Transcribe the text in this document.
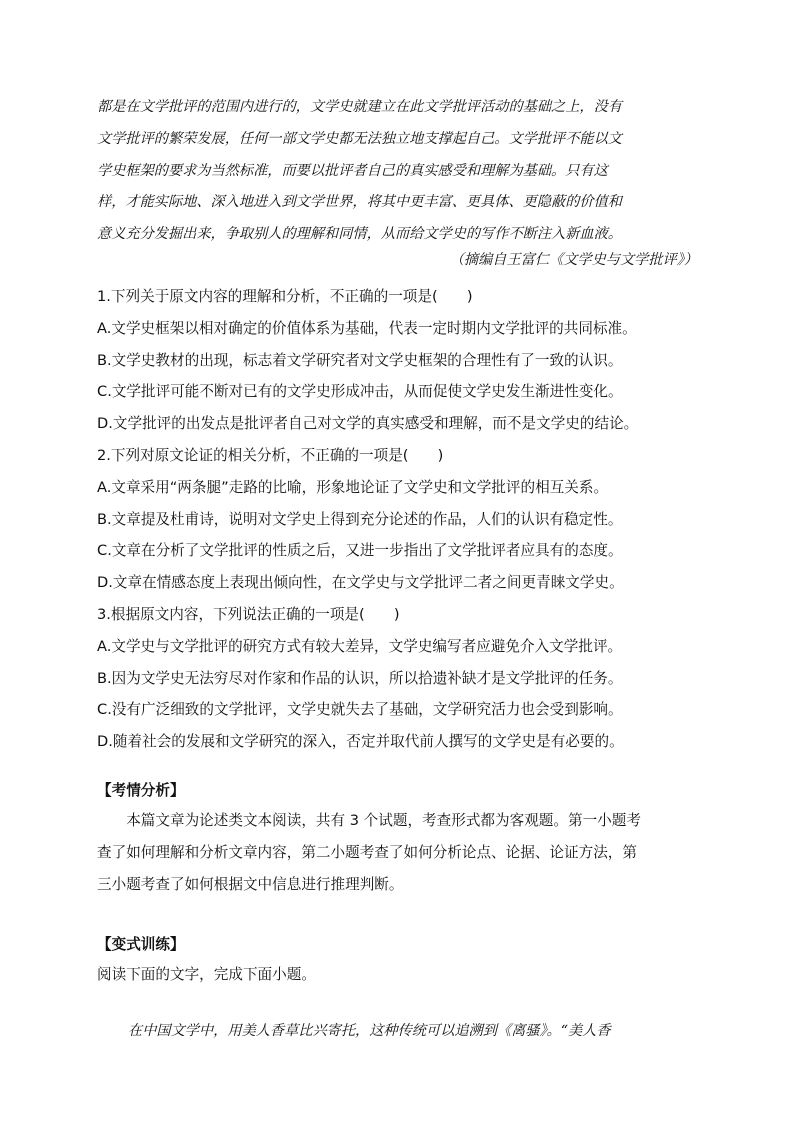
都是在文学批评的范围内进行的，文学史就建立在此文学批评活动的基础之上，没有
文学批评的繁荣发展，任何一部文学史都无法独立地支撑起自己。文学批评不能以文
学史框架的要求为当然标准，而要以批评者自己的真实感受和理解为基础。只有这
样，才能实际地、深入地进入到文学世界，将其中更丰富、更具体、更隐蔽的价值和
意义充分发掘出来，争取别人的理解和同情，从而给文学史的写作不断注入新血液。
（摘编自王富仁《文学史与文学批评》）
1.下列关于原文内容的理解和分析，不正确的一项是(　　)
A.文学史框架以相对确定的价值体系为基础，代表一定时期内文学批评的共同标准。
B.文学史教材的出现，标志着文学研究者对文学史框架的合理性有了一致的认识。
C.文学批评可能不断对已有的文学史形成冲击，从而促使文学史发生渐进性变化。
D.文学批评的出发点是批评者自己对文学的真实感受和理解，而不是文学史的结论。
2.下列对原文论证的相关分析，不正确的一项是(　　)
A.文章采用“两条腿”走路的比喻，形象地论证了文学史和文学批评的相互关系。
B.文章提及杜甫诗，说明对文学史上得到充分论述的作品，人们的认识有稳定性。
C.文章在分析了文学批评的性质之后，又进一步指出了文学批评者应具有的态度。
D.文章在情感态度上表现出倾向性，在文学史与文学批评二者之间更青睐文学史。
3.根据原文内容，下列说法正确的一项是(　　)
A.文学史与文学批评的研究方式有较大差异，文学史编写者应避免介入文学批评。
B.因为文学史无法穷尽对作家和作品的认识，所以拾遗补缺才是文学批评的任务。
C.没有广泛细致的文学批评，文学史就失去了基础，文学研究活力也会受到影响。
D.随着社会的发展和文学研究的深入，否定并取代前人撰写的文学史是有必要的。
【考情分析】
　　本篇文章为论述类文本阅读，共有 3 个试题，考查形式都为客观题。第一小题考
查了如何理解和分析文章内容，第二小题考查了如何分析论点、论据、论证方法，第
三小题考查了如何根据文中信息进行推理判断。
【变式训练】
阅读下面的文字，完成下面小题。
在中国文学中，用美人香草比兴寄托，这种传统可以追溯到《离骚》。“美人香
